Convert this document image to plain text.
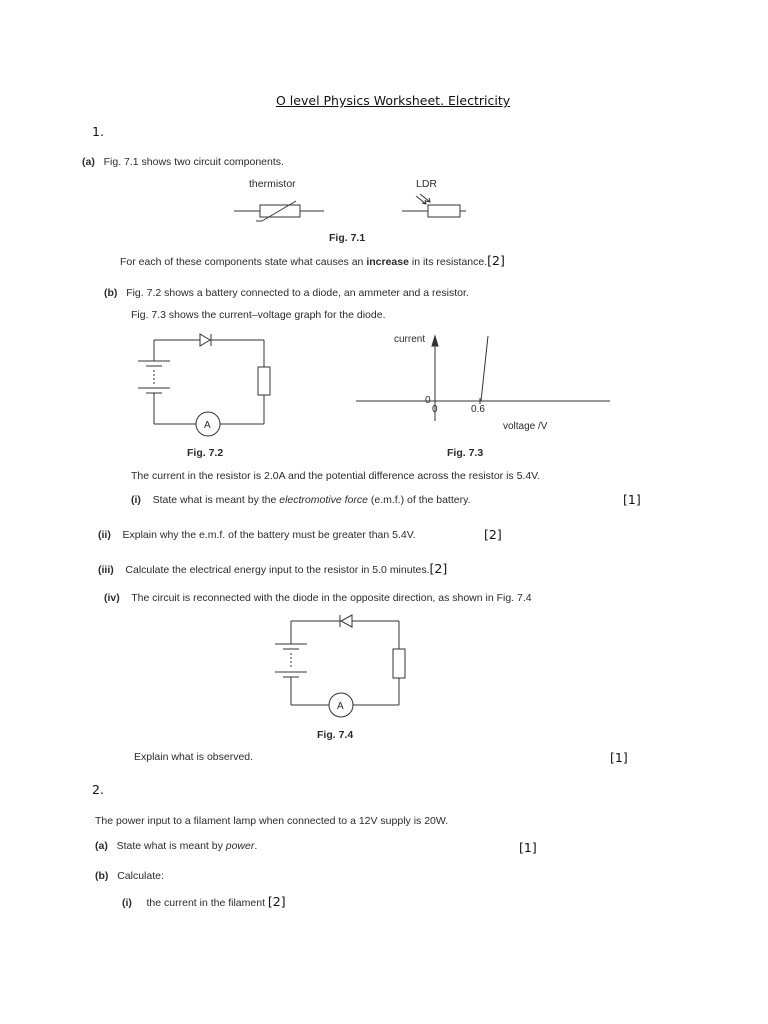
O level Physics Worksheet. Electricity
1.
(a) Fig. 7.1 shows two circuit components.
thermistor	LDR
Fig. 7.1
For each of these components state what causes an increase in its resistance.[2]
(b) Fig. 7.2 shows a battery connected to a diode, an ammeter and a resistor.
Fig. 7.3 shows the current–voltage graph for the diode.
A
current
0
0	0.6
voltage /V
Fig. 7.2	Fig. 7.3
The current in the resistor is 2.0A and the potential difference across the resistor is 5.4V.
(i) State what is meant by the electromotive force (e.m.f.) of the battery.	[1]
(ii) Explain why the e.m.f. of the battery must be greater than 5.4V.	[2]
(iii) Calculate the electrical energy input to the resistor in 5.0 minutes.[2]
(iv) The circuit is reconnected with the diode in the opposite direction, as shown in Fig. 7.4
A
Fig. 7.4
Explain what is observed.	[1]
2.
The power input to a filament lamp when connected to a 12V supply is 20W.
(a) State what is meant by power.	[1]
(b) Calculate:
(i) the current in the filament [2]
